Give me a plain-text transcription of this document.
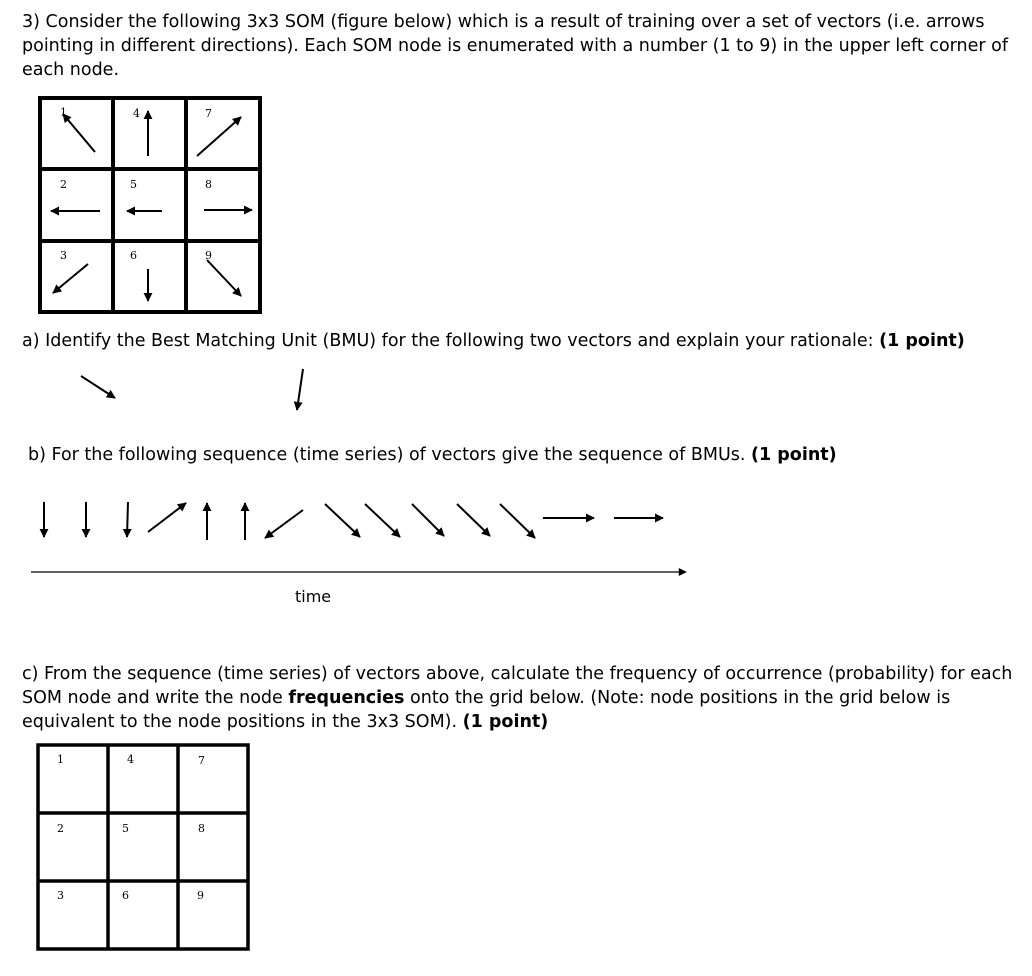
3) Consider the following 3x3 SOM (figure below) which is a result of training over a set of vectors (i.e. arrows
pointing in different directions). Each SOM node is enumerated with a number (1 to 9) in the upper left corner of
each node.
1	4	7
2	5	8
3	6	9
a) Identify the Best Matching Unit (BMU) for the following two vectors and explain your rationale: (1 point)
b) For the following sequence (time series) of vectors give the sequence of BMUs. (1 point)
time
c) From the sequence (time series) of vectors above, calculate the frequency of occurrence (probability) for each
SOM node and write the node frequencies onto the grid below. (Note: node positions in the grid below is
equivalent to the node positions in the 3x3 SOM). (1 point)
1	4	7
2	5	8
3	6	9
